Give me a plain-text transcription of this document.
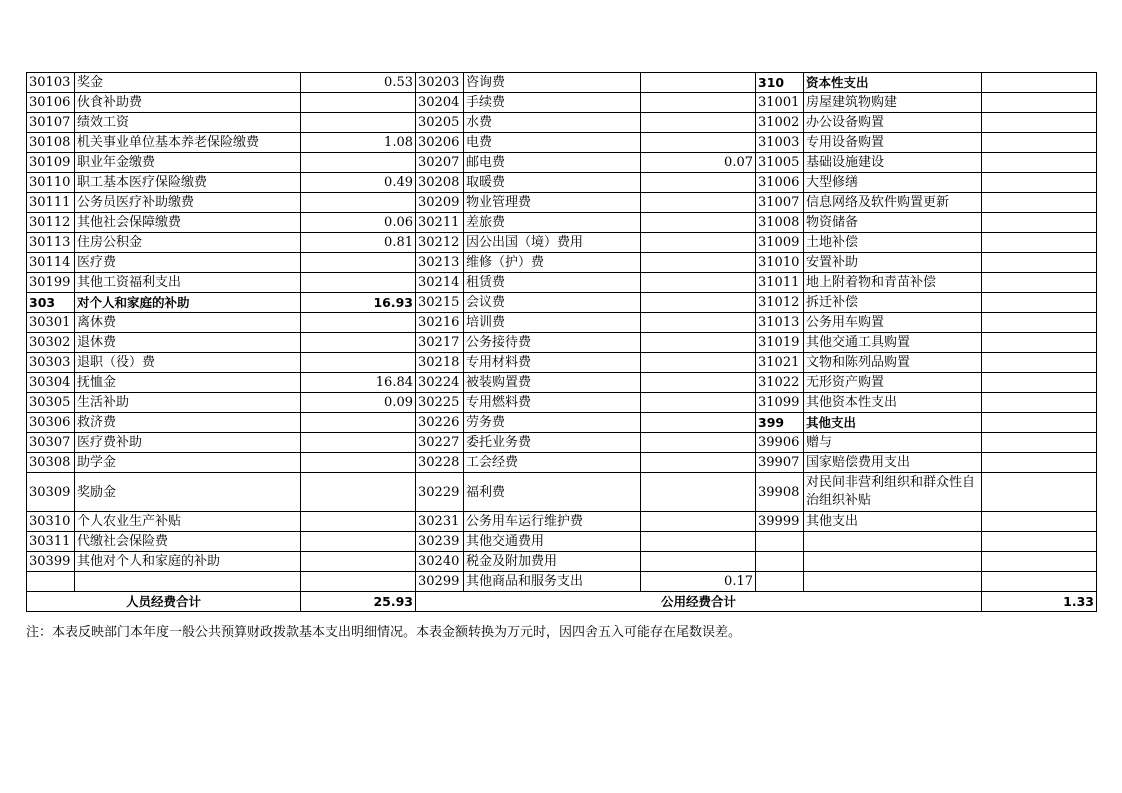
30103	奖金	0.53	30203	咨询费		310	资本性支出	
30106	伙食补助费		30204	手续费		31001	房屋建筑物购建	
30107	绩效工资		30205	水费		31002	办公设备购置	
30108	机关事业单位基本养老保险缴费	1.08	30206	电费		31003	专用设备购置	
30109	职业年金缴费		30207	邮电费	0.07	31005	基础设施建设	
30110	职工基本医疗保险缴费	0.49	30208	取暖费		31006	大型修缮	
30111	公务员医疗补助缴费		30209	物业管理费		31007	信息网络及软件购置更新	
30112	其他社会保障缴费	0.06	30211	差旅费		31008	物资储备	
30113	住房公积金	0.81	30212	因公出国（境）费用		31009	土地补偿	
30114	医疗费		30213	维修（护）费		31010	安置补助	
30199	其他工资福利支出		30214	租赁费		31011	地上附着物和青苗补偿	
303	对个人和家庭的补助	16.93	30215	会议费		31012	拆迁补偿	
30301	离休费		30216	培训费		31013	公务用车购置	
30302	退休费		30217	公务接待费		31019	其他交通工具购置	
30303	退职（役）费		30218	专用材料费		31021	文物和陈列品购置	
30304	抚恤金	16.84	30224	被装购置费		31022	无形资产购置	
30305	生活补助	0.09	30225	专用燃料费		31099	其他资本性支出	
30306	救济费		30226	劳务费		399	其他支出	
30307	医疗费补助		30227	委托业务费		39906	赠与	
30308	助学金		30228	工会经费		39907	国家赔偿费用支出	
30309	奖励金		30229	福利费		39908	对民间非营利组织和群众性自治组织补贴	
30310	个人农业生产补贴		30231	公务用车运行维护费		39999	其他支出	
30311	代缴社会保险费		30239	其他交通费用				
30399	其他对个人和家庭的补助		30240	税金及附加费用				
			30299	其他商品和服务支出	0.17			
人员经费合计		25.93	公用经费合计					1.33
注：本表反映部门本年度一般公共预算财政拨款基本支出明细情况。本表金额转换为万元时，因四舍五入可能存在尾数误差。
